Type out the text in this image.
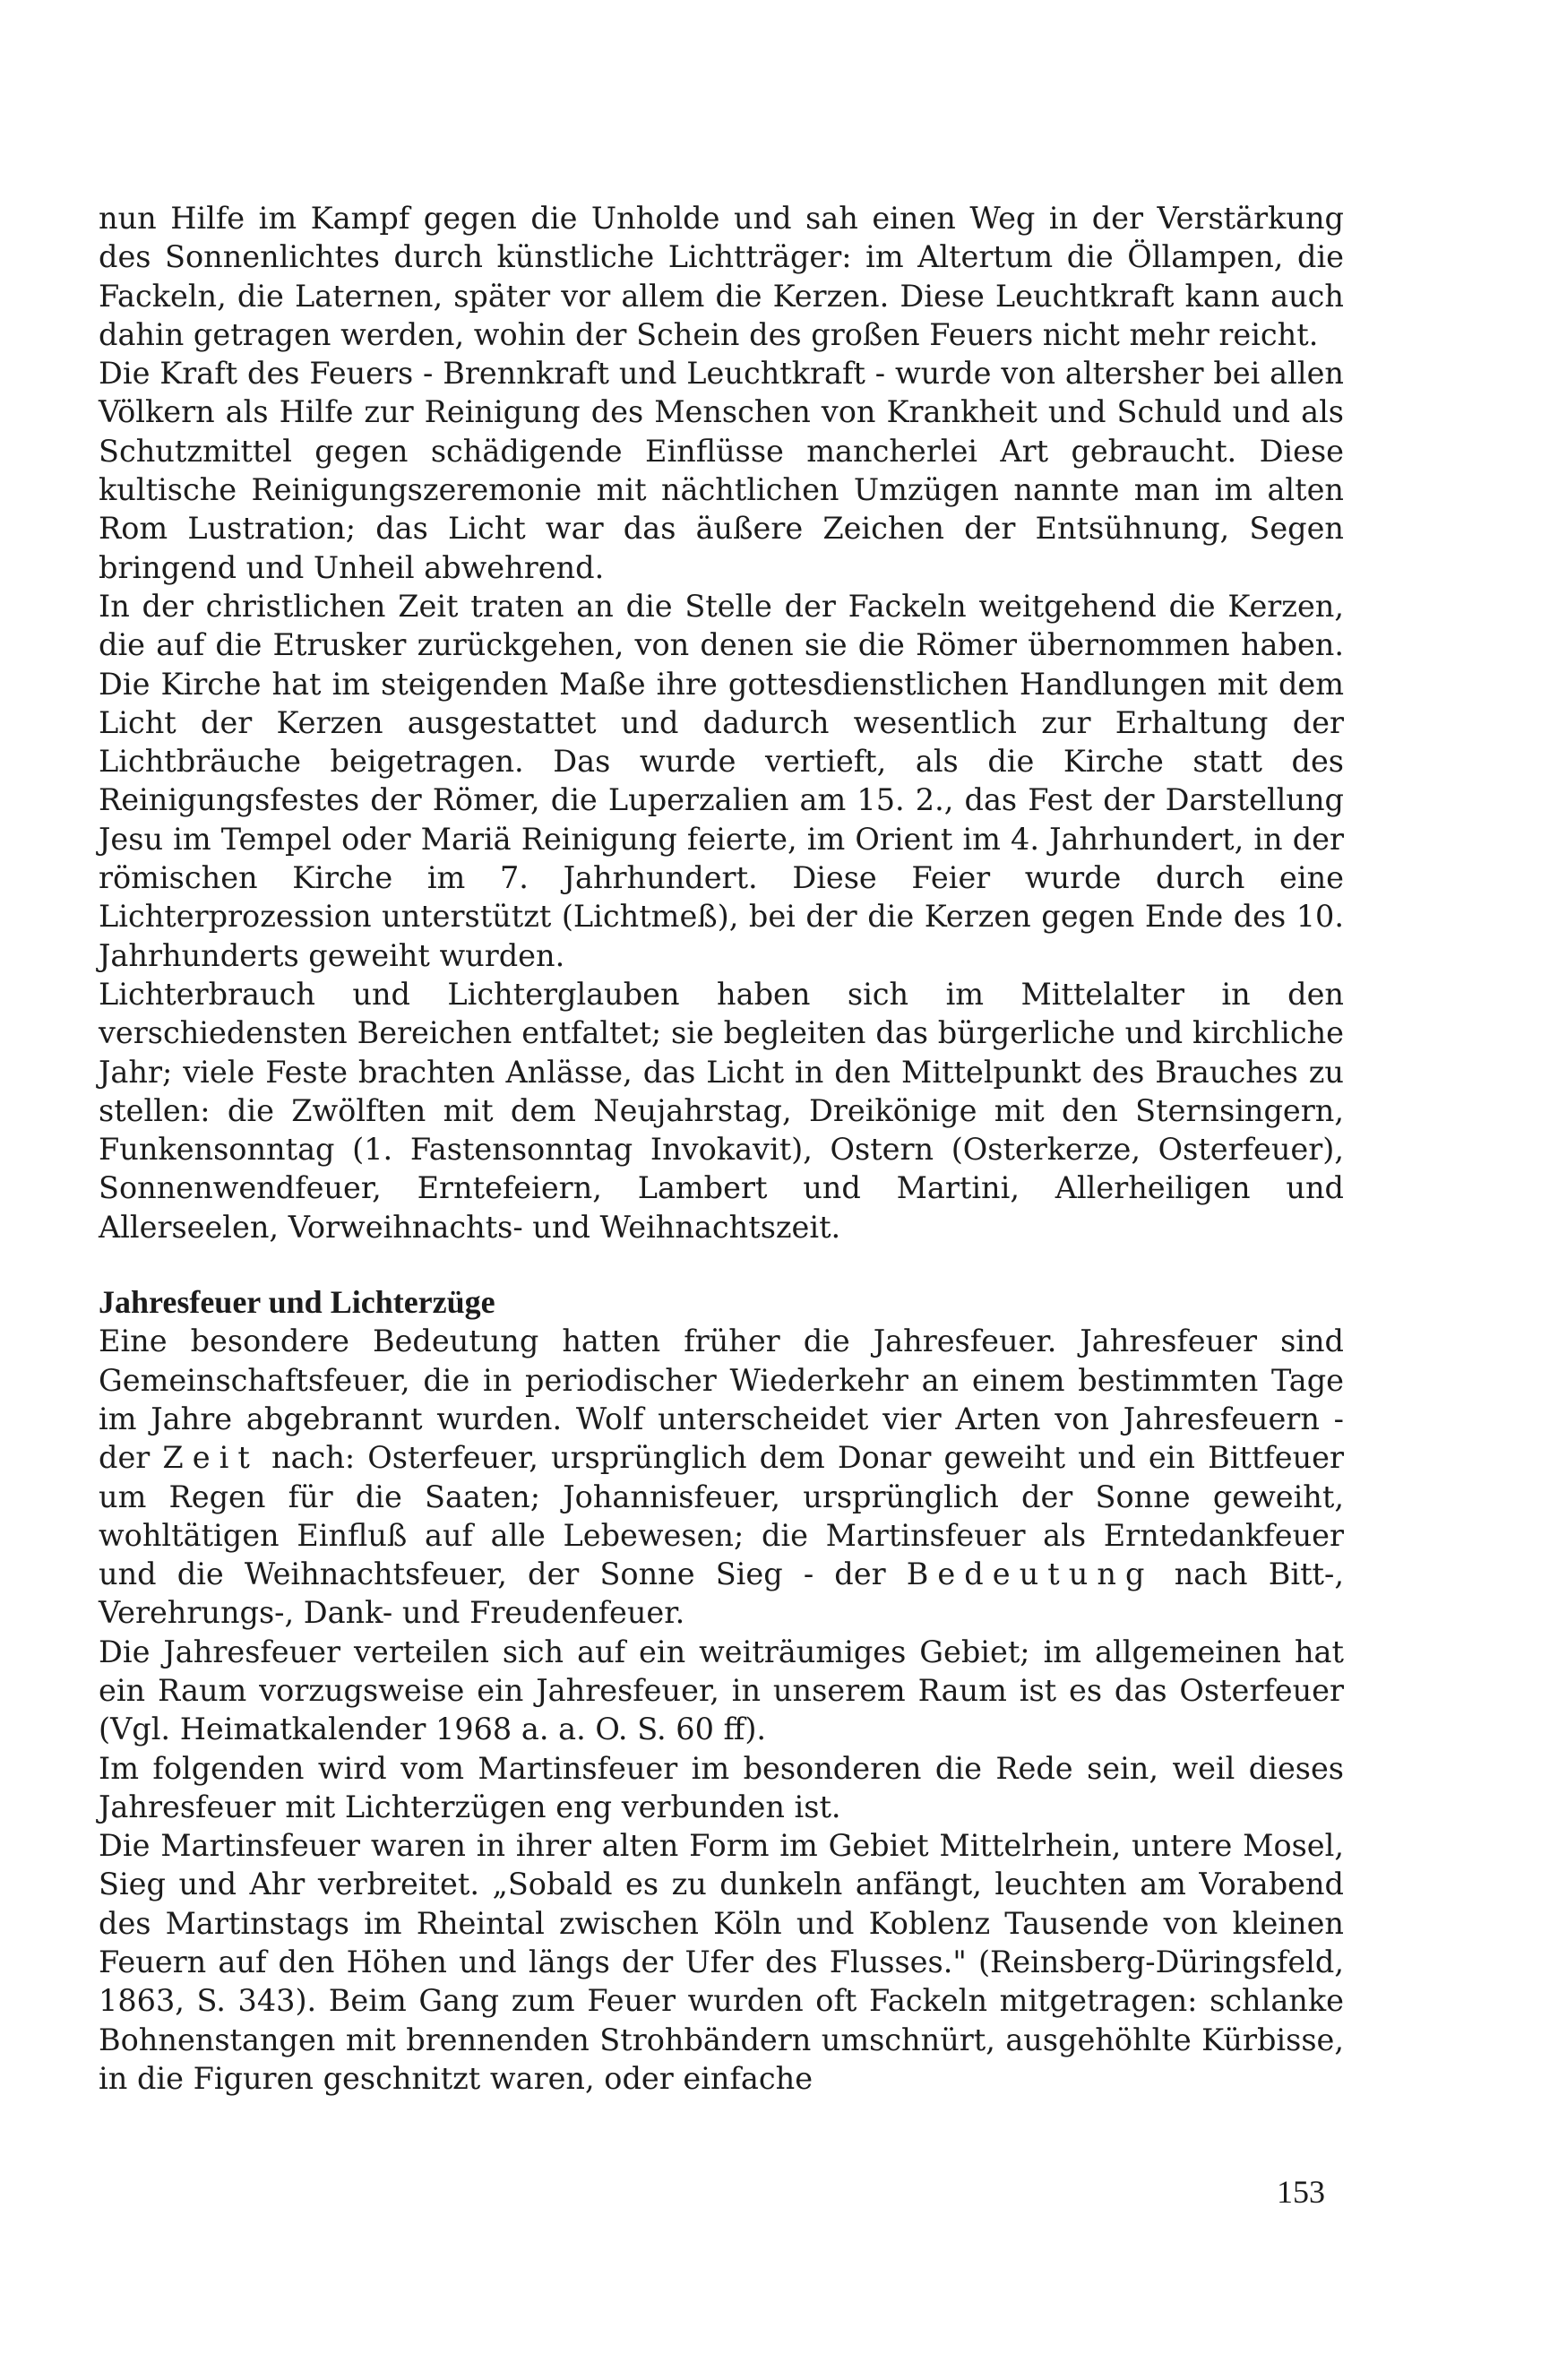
nun Hilfe im Kampf gegen die Unholde und sah einen Weg in der Verstärkung des Sonnenlichtes durch künstliche Lichtträger: im Altertum die Öllampen, die Fackeln, die Laternen, später vor allem die Kerzen. Diese Leuchtkraft kann auch dahin getragen werden, wohin der Schein des großen Feuers nicht mehr reicht.

Die Kraft des Feuers - Brennkraft und Leuchtkraft - wurde von altersher bei allen Völkern als Hilfe zur Reinigung des Menschen von Krankheit und Schuld und als Schutzmittel gegen schädigende Einflüsse mancherlei Art gebraucht. Diese kultische Reinigungszeremonie mit nächtlichen Umzügen nannte man im alten Rom Lustration; das Licht war das äußere Zeichen der Entsühnung, Segen bringend und Unheil abwehrend.

In der christlichen Zeit traten an die Stelle der Fackeln weitgehend die Kerzen, die auf die Etrusker zurückgehen, von denen sie die Römer übernommen haben. Die Kirche hat im steigenden Maße ihre gottesdienstlichen Handlungen mit dem Licht der Kerzen ausgestattet und dadurch wesentlich zur Erhaltung der Lichtbräuche beigetragen. Das wurde vertieft, als die Kirche statt des Reinigungsfestes der Römer, die Luperzalien am 15. 2., das Fest der Darstellung Jesu im Tempel oder Mariä Reinigung feierte, im Orient im 4. Jahrhundert, in der römischen Kirche im 7. Jahrhundert. Diese Feier wurde durch eine Lichterprozession unterstützt (Lichtmeß), bei der die Kerzen gegen Ende des 10. Jahrhunderts geweiht wurden.

Lichterbrauch und Lichterglauben haben sich im Mittelalter in den verschiedensten Bereichen entfaltet; sie begleiten das bürgerliche und kirchliche Jahr; viele Feste brachten Anlässe, das Licht in den Mittelpunkt des Brauches zu stellen: die Zwölften mit dem Neujahrstag, Dreikönige mit den Sternsingern, Funkensonntag (1. Fastensonntag Invokavit), Ostern (Osterkerze, Osterfeuer), Sonnenwendfeuer, Erntefeiern, Lambert und Martini, Allerheiligen und Allerseelen, Vorweihnachts- und Weihnachtszeit.

Jahresfeuer und Lichterzüge

Eine besondere Bedeutung hatten früher die Jahresfeuer. Jahresfeuer sind Gemeinschaftsfeuer, die in periodischer Wiederkehr an einem bestimmten Tage im Jahre abgebrannt wurden. Wolf unterscheidet vier Arten von Jahresfeuern - der Zeit nach: Osterfeuer, ursprünglich dem Donar geweiht und ein Bittfeuer um Regen für die Saaten; Johannisfeuer, ursprünglich der Sonne geweiht, wohltätigen Einfluß auf alle Lebewesen; die Martinsfeuer als Erntedankfeuer und die Weihnachtsfeuer, der Sonne Sieg - der Bedeutung nach Bitt-, Verehrungs-, Dank- und Freudenfeuer.

Die Jahresfeuer verteilen sich auf ein weiträumiges Gebiet; im allgemeinen hat ein Raum vorzugsweise ein Jahresfeuer, in unserem Raum ist es das Osterfeuer (Vgl. Heimatkalender 1968 a. a. O. S. 60 ff).

Im folgenden wird vom Martinsfeuer im besonderen die Rede sein, weil dieses Jahresfeuer mit Lichterzügen eng verbunden ist.

Die Martinsfeuer waren in ihrer alten Form im Gebiet Mittelrhein, untere Mosel, Sieg und Ahr verbreitet. „Sobald es zu dunkeln anfängt, leuchten am Vorabend des Martinstags im Rheintal zwischen Köln und Koblenz Tausende von kleinen Feuern auf den Höhen und längs der Ufer des Flusses." (Reinsberg-Düringsfeld, 1863, S. 343). Beim Gang zum Feuer wurden oft Fackeln mitgetragen: schlanke Bohnenstangen mit brennenden Strohbändern umschnürt, ausgehöhlte Kürbisse, in die Figuren geschnitzt waren, oder einfache

153
